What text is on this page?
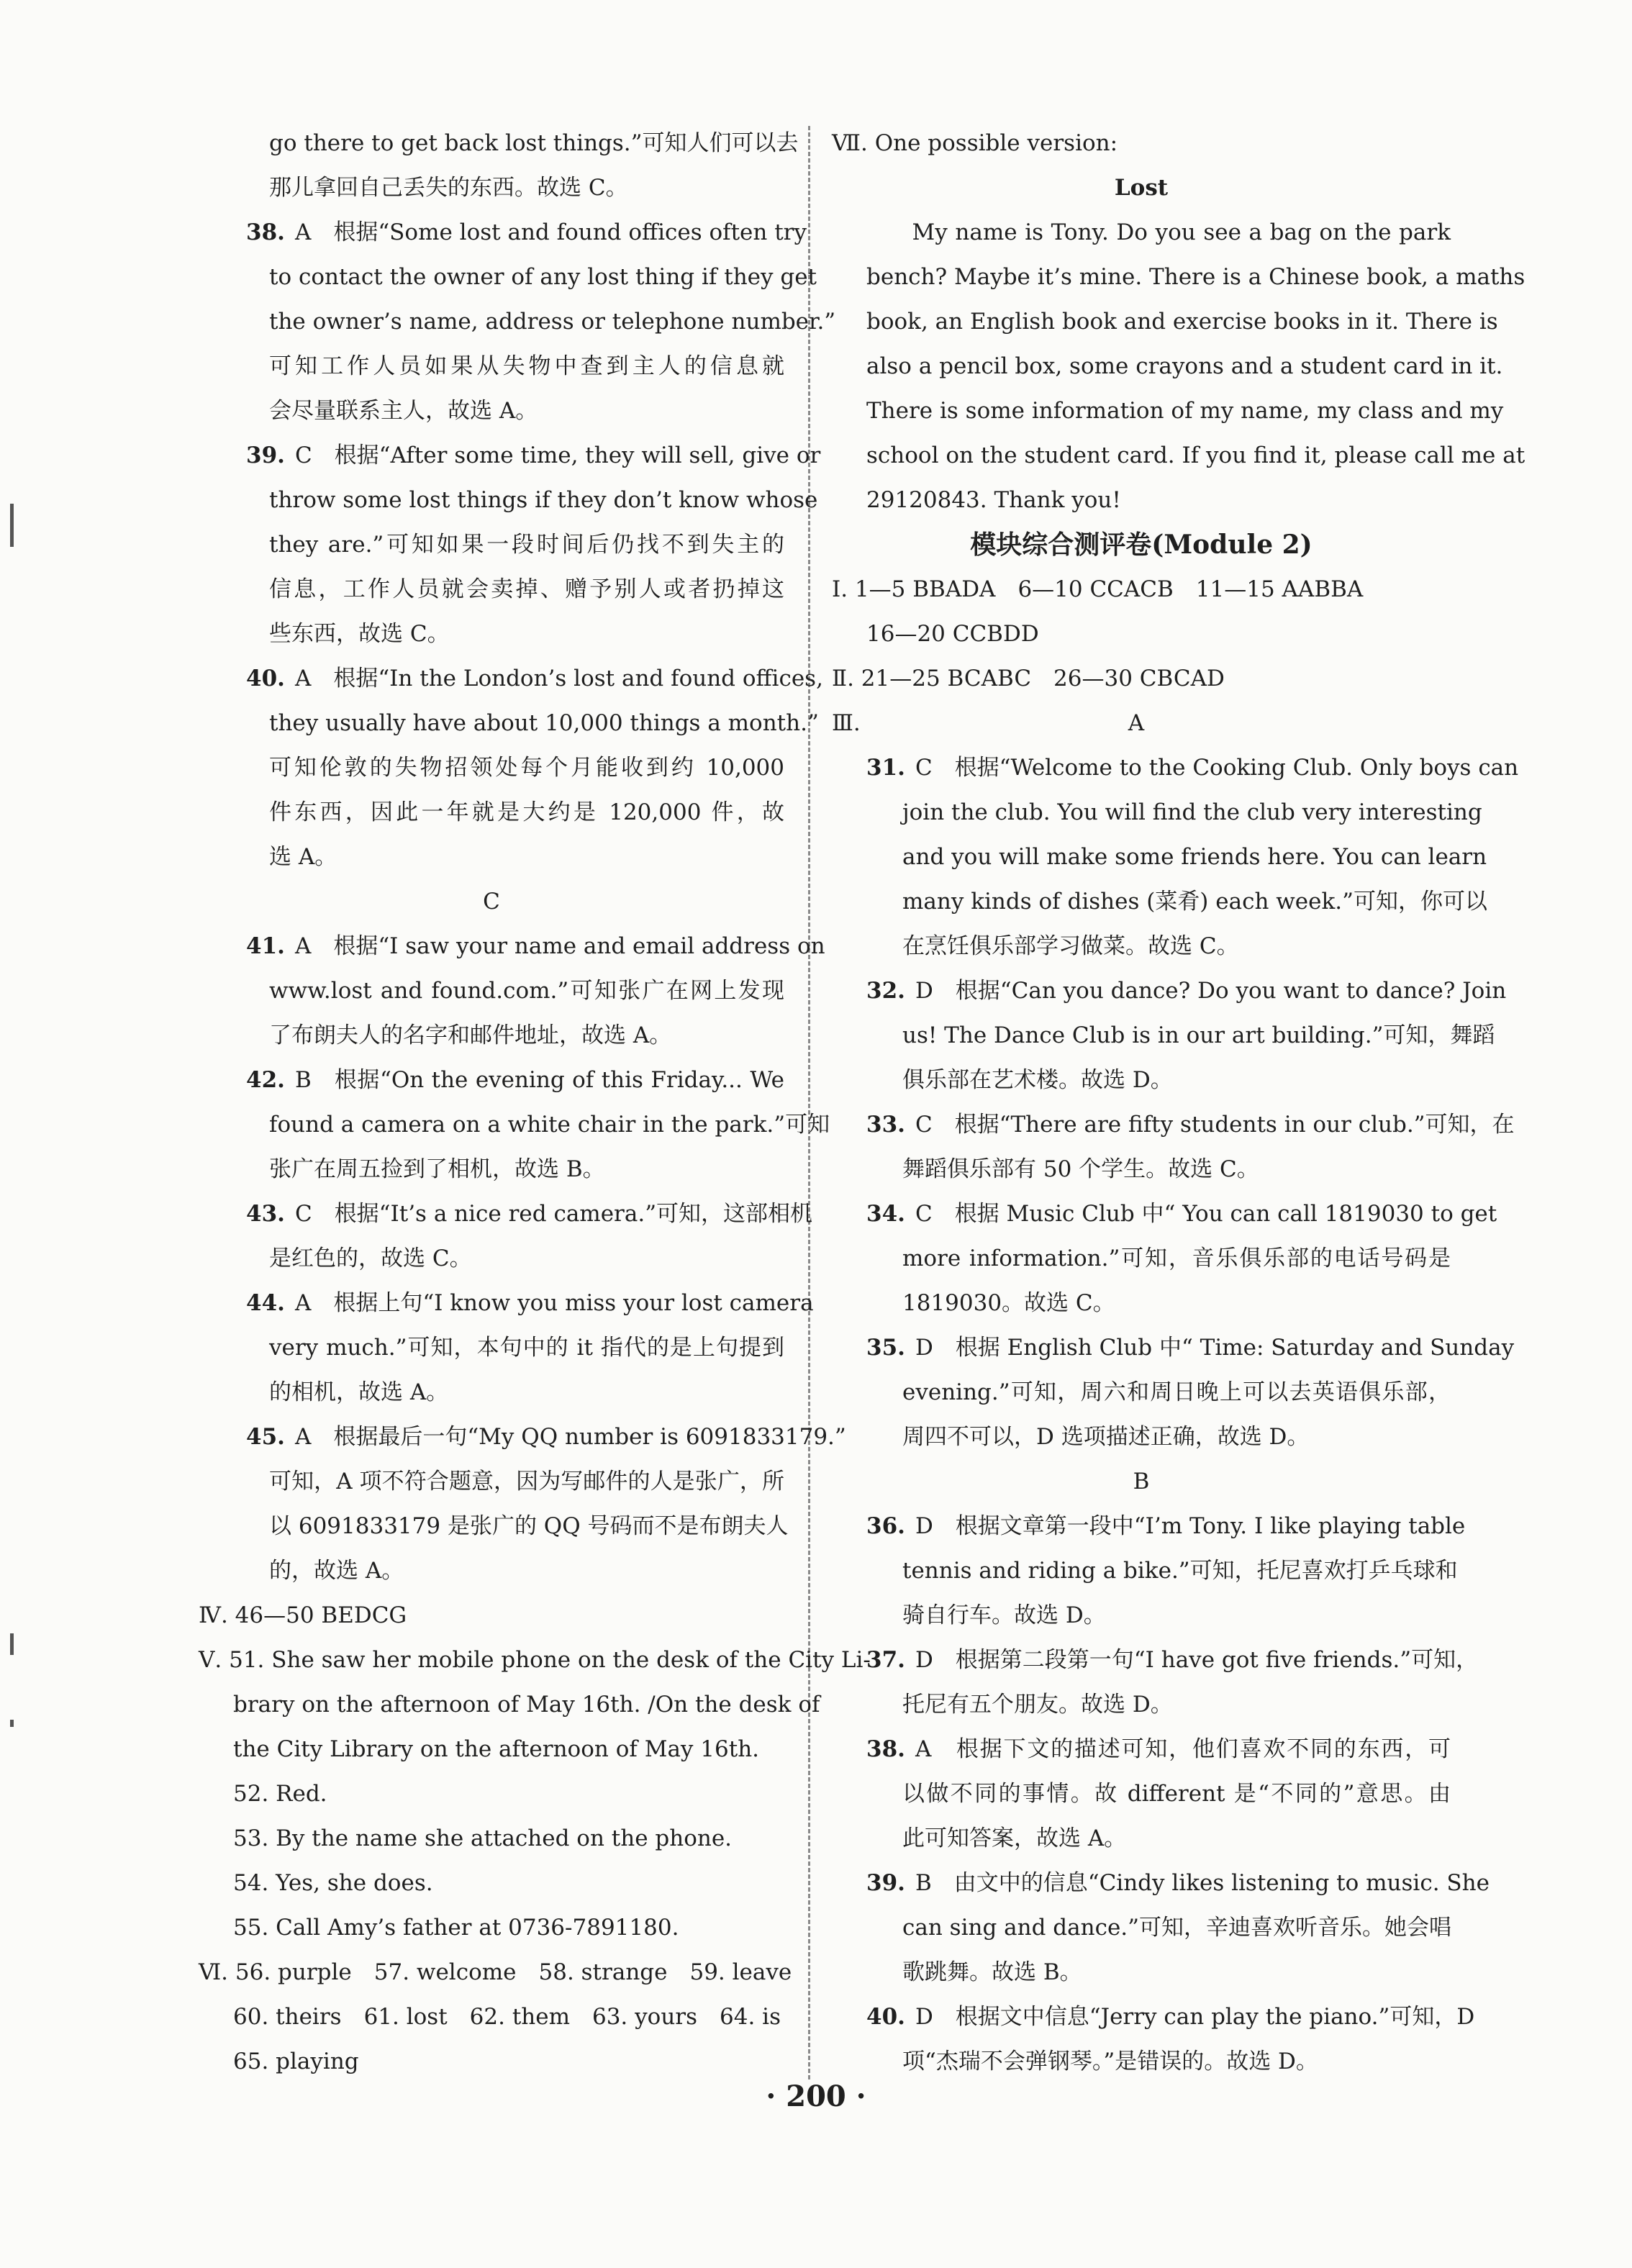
go there to get back lost things.”可知人们可以去
那儿拿回自己丢失的东西。故选 C。
38. A　根据“Some lost and found offices often try
to contact the owner of any lost thing if they get
the owner’s name, address or telephone number.”
可知工作人员如果从失物中查到主人的信息就
会尽量联系主人，故选 A。
39. C　根据“After some time, they will sell, give or
throw some lost things if they don’t know whose
they are.”可知如果一段时间后仍找不到失主的
信息，工作人员就会卖掉、赠予别人或者扔掉这
些东西，故选 C。
40. A　根据“In the London’s lost and found offices,
they usually have about 10,000 things a month.”
可知伦敦的失物招领处每个月能收到约 10,000
件东西，因此一年就是大约是 120,000 件，故
选 A。
C
41. A　根据“I saw your name and email address on
www.lost and found.com.”可知张广在网上发现
了布朗夫人的名字和邮件地址，故选 A。
42. B　根据“On the evening of this Friday... We
found a camera on a white chair in the park.”可知
张广在周五捡到了相机，故选 B。
43. C　根据“It’s a nice red camera.”可知，这部相机
是红色的，故选 C。
44. A　根据上句“I know you miss your lost camera
very much.”可知，本句中的 it 指代的是上句提到
的相机，故选 A。
45. A　根据最后一句“My QQ number is 6091833179.”
可知，A 项不符合题意，因为写邮件的人是张广，所
以 6091833179 是张广的 QQ 号码而不是布朗夫人
的，故选 A。
Ⅳ. 46—50 BEDCG
Ⅴ. 51. She saw her mobile phone on the desk of the City Li-
brary on the afternoon of May 16th. /On the desk of
the City Library on the afternoon of May 16th.
52. Red.
53. By the name she attached on the phone.
54. Yes, she does.
55. Call Amy’s father at 0736-7891180.
Ⅵ. 56. purple　57. welcome　58. strange　59. leave
60. theirs　61. lost　62. them　63. yours　64. is
65. playing
Ⅶ. One possible version:
Lost
　　My name is Tony. Do you see a bag on the park
bench? Maybe it’s mine. There is a Chinese book, a maths
book, an English book and exercise books in it. There is
also a pencil box, some crayons and a student card in it.
There is some information of my name, my class and my
school on the student card. If you find it, please call me at
29120843. Thank you!
模块综合测评卷(Module 2)
Ⅰ. 1—5 BBADA　6—10 CCACB　11—15 AABBA
16—20 CCBDD
Ⅱ. 21—25 BCABC　26—30 CBCAD
Ⅲ.　　　　　　　　　　　　A
31. C　根据“Welcome to the Cooking Club. Only boys can
join the club. You will find the club very interesting
and you will make some friends here. You can learn
many kinds of dishes (菜肴) each week.”可知，你可以
在烹饪俱乐部学习做菜。故选 C。
32. D　根据“Can you dance? Do you want to dance? Join
us! The Dance Club is in our art building.”可知，舞蹈
俱乐部在艺术楼。故选 D。
33. C　根据“There are fifty students in our club.”可知，在
舞蹈俱乐部有 50 个学生。故选 C。
34. C　根据 Music Club 中“ You can call 1819030 to get
more information.”可知，音乐俱乐部的电话号码是
1819030。故选 C。
35. D　根据 English Club 中“ Time: Saturday and Sunday
evening.”可知，周六和周日晚上可以去英语俱乐部，
周四不可以，D 选项描述正确，故选 D。
B
36. D　根据文章第一段中“I’m Tony. I like playing table
tennis and riding a bike.”可知，托尼喜欢打乒乓球和
骑自行车。故选 D。
37. D　根据第二段第一句“I have got five friends.”可知，
托尼有五个朋友。故选 D。
38. A　根据下文的描述可知，他们喜欢不同的东西，可
以做不同的事情。故 different 是“不同的”意思。由
此可知答案，故选 A。
39. B　由文中的信息“Cindy likes listening to music. She
can sing and dance.”可知，辛迪喜欢听音乐。她会唱
歌跳舞。故选 B。
40. D　根据文中信息“Jerry can play the piano.”可知，D
项“杰瑞不会弹钢琴。”是错误的。故选 D。
· 200 ·
